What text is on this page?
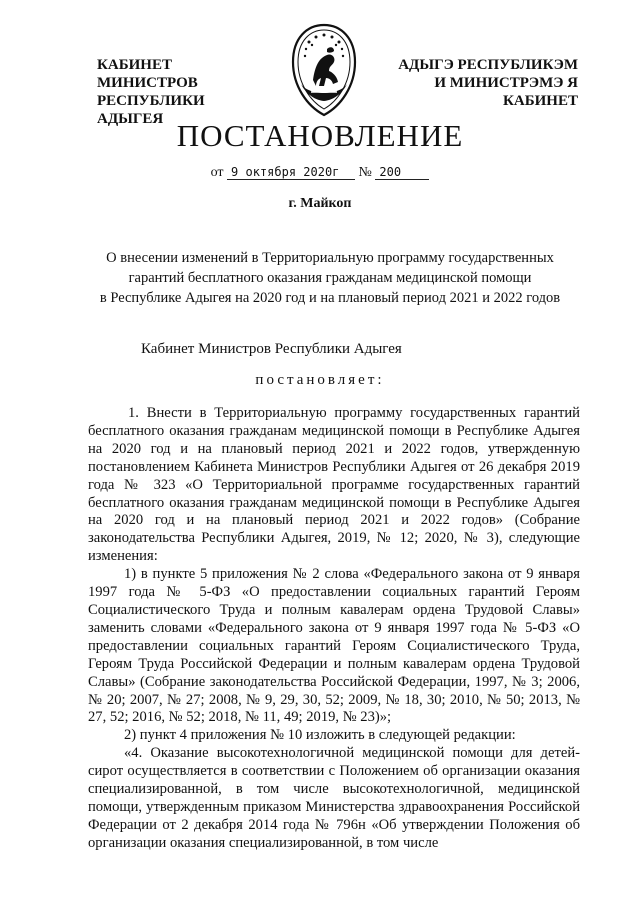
КАБИНЕТ МИНИСТРОВ
РЕСПУБЛИКИ АДЫГЕЯ
АДЫГЭ РЕСПУБЛИКЭМ
И МИНИСТРЭМЭ Я КАБИНЕТ
ПОСТАНОВЛЕНИЕ
от 9 октября 2020г № 200
г. Майкоп
О внесении изменений в Территориальную программу государственных
гарантий бесплатного оказания гражданам медицинской помощи
в Республике Адыгея на 2020 год и на плановый период 2021 и 2022 годов
Кабинет Министров Республики Адыгея
постановляет:

1. Внести в Территориальную программу государственных гарантий бесплатного оказания гражданам медицинской помощи в Республике Адыгея на 2020 год и на плановый период 2021 и 2022 годов, утвержденную постановлением Кабинета Министров Республики Адыгея от 26 декабря 2019 года № 323 «О Территориальной программе государственных гарантий бесплатного оказания гражданам медицинской помощи в Республике Адыгея на 2020 год и на плановый период 2021 и 2022 годов» (Собрание законодательства Республики Адыгея, 2019, № 12; 2020, № 3), следующие изменения:

1) в пункте 5 приложения № 2 слова «Федерального закона от 9 января 1997 года № 5-ФЗ «О предоставлении социальных гарантий Героям Социалистического Труда и полным кавалерам ордена Трудовой Славы» заменить словами «Федерального закона от 9 января 1997 года № 5-ФЗ «О предоставлении социальных гарантий Героям Социалистического Труда, Героям Труда Российской Федерации и полным кавалерам ордена Трудовой Славы» (Собрание законодательства Российской Федерации, 1997, № 3; 2006, № 20; 2007, № 27; 2008, № 9, 29, 30, 52; 2009, № 18, 30; 2010, № 50; 2013, № 27, 52; 2016, № 52; 2018, № 11, 49; 2019, № 23)»;

2) пункт 4 приложения № 10 изложить в следующей редакции:

«4. Оказание высокотехнологичной медицинской помощи для детей-сирот осуществляется в соответствии с Положением об организации оказания специализированной, в том числе высокотехнологичной, медицинской помощи, утвержденным приказом Министерства здравоохранения Российской Федерации от 2 декабря 2014 года № 796н «Об утверждении Положения об организации оказания специализированной, в том числе
